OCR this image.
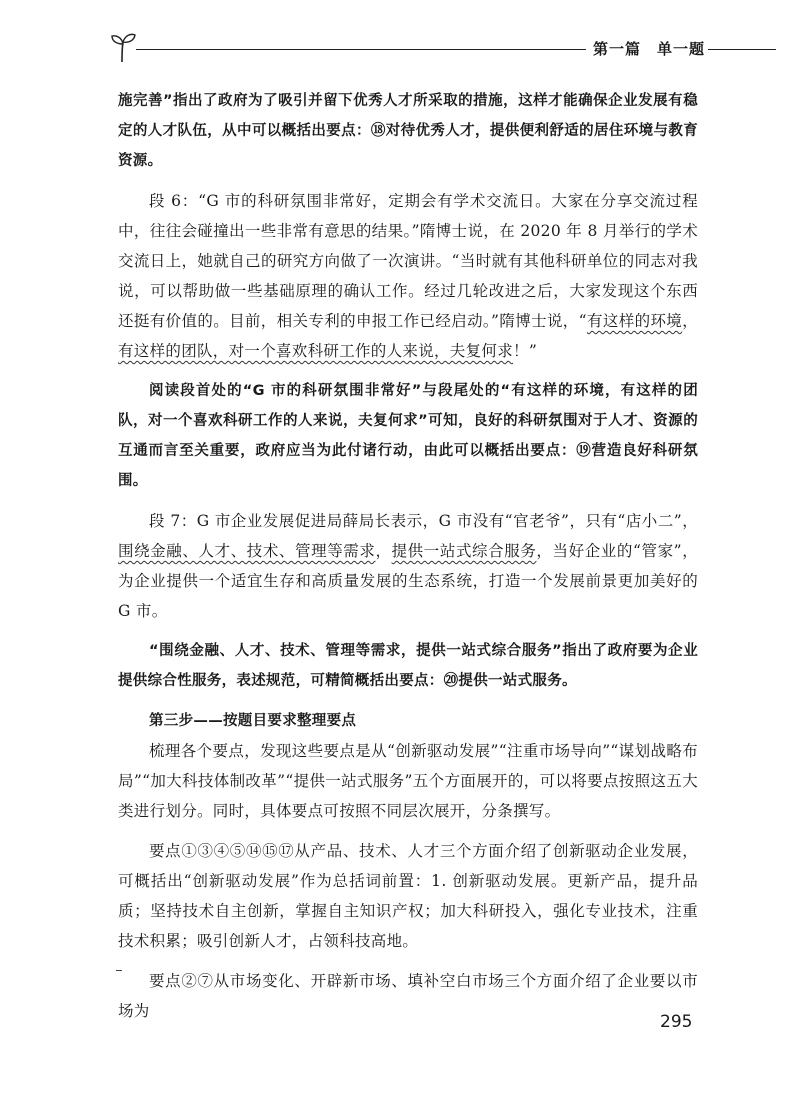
第一篇　单一题

施完善”指出了政府为了吸引并留下优秀人才所采取的措施，这样才能确保企业发展有稳定的人才队伍，从中可以概括出要点：⑱对待优秀人才，提供便利舒适的居住环境与教育资源。

段 6：“G 市的科研氛围非常好，定期会有学术交流日。大家在分享交流过程中，往往会碰撞出一些非常有意思的结果。”隋博士说，在 2020 年 8 月举行的学术交流日上，她就自己的研究方向做了一次演讲。“当时就有其他科研单位的同志对我说，可以帮助做一些基础原理的确认工作。经过几轮改进之后，大家发现这个东西还挺有价值的。目前，相关专利的申报工作已经启动。”隋博士说，“有这样的环境，有这样的团队，对一个喜欢科研工作的人来说，夫复何求！”

阅读段首处的“G 市的科研氛围非常好”与段尾处的“有这样的环境，有这样的团队，对一个喜欢科研工作的人来说，夫复何求”可知，良好的科研氛围对于人才、资源的互通而言至关重要，政府应当为此付诸行动，由此可以概括出要点：⑲营造良好科研氛围。

段 7：G 市企业发展促进局薛局长表示，G 市没有“官老爷”，只有“店小二”，围绕金融、人才、技术、管理等需求，提供一站式综合服务，当好企业的“管家”，为企业提供一个适宜生存和高质量发展的生态系统，打造一个发展前景更加美好的 G 市。

“围绕金融、人才、技术、管理等需求，提供一站式综合服务”指出了政府要为企业提供综合性服务，表述规范，可精简概括出要点：⑳提供一站式服务。

第三步——按题目要求整理要点

梳理各个要点，发现这些要点是从“创新驱动发展”“注重市场导向”“谋划战略布局”“加大科技体制改革”“提供一站式服务”五个方面展开的，可以将要点按照这五大类进行划分。同时，具体要点可按照不同层次展开，分条撰写。

要点①③④⑤⑭⑮⑰从产品、技术、人才三个方面介绍了创新驱动企业发展，可概括出“创新驱动发展”作为总括词前置：1. 创新驱动发展。更新产品，提升品质；坚持技术自主创新，掌握自主知识产权；加大科研投入，强化专业技术，注重技术积累；吸引创新人才，占领科技高地。

要点②⑦从市场变化、开辟新市场、填补空白市场三个方面介绍了企业要以市场为

295
